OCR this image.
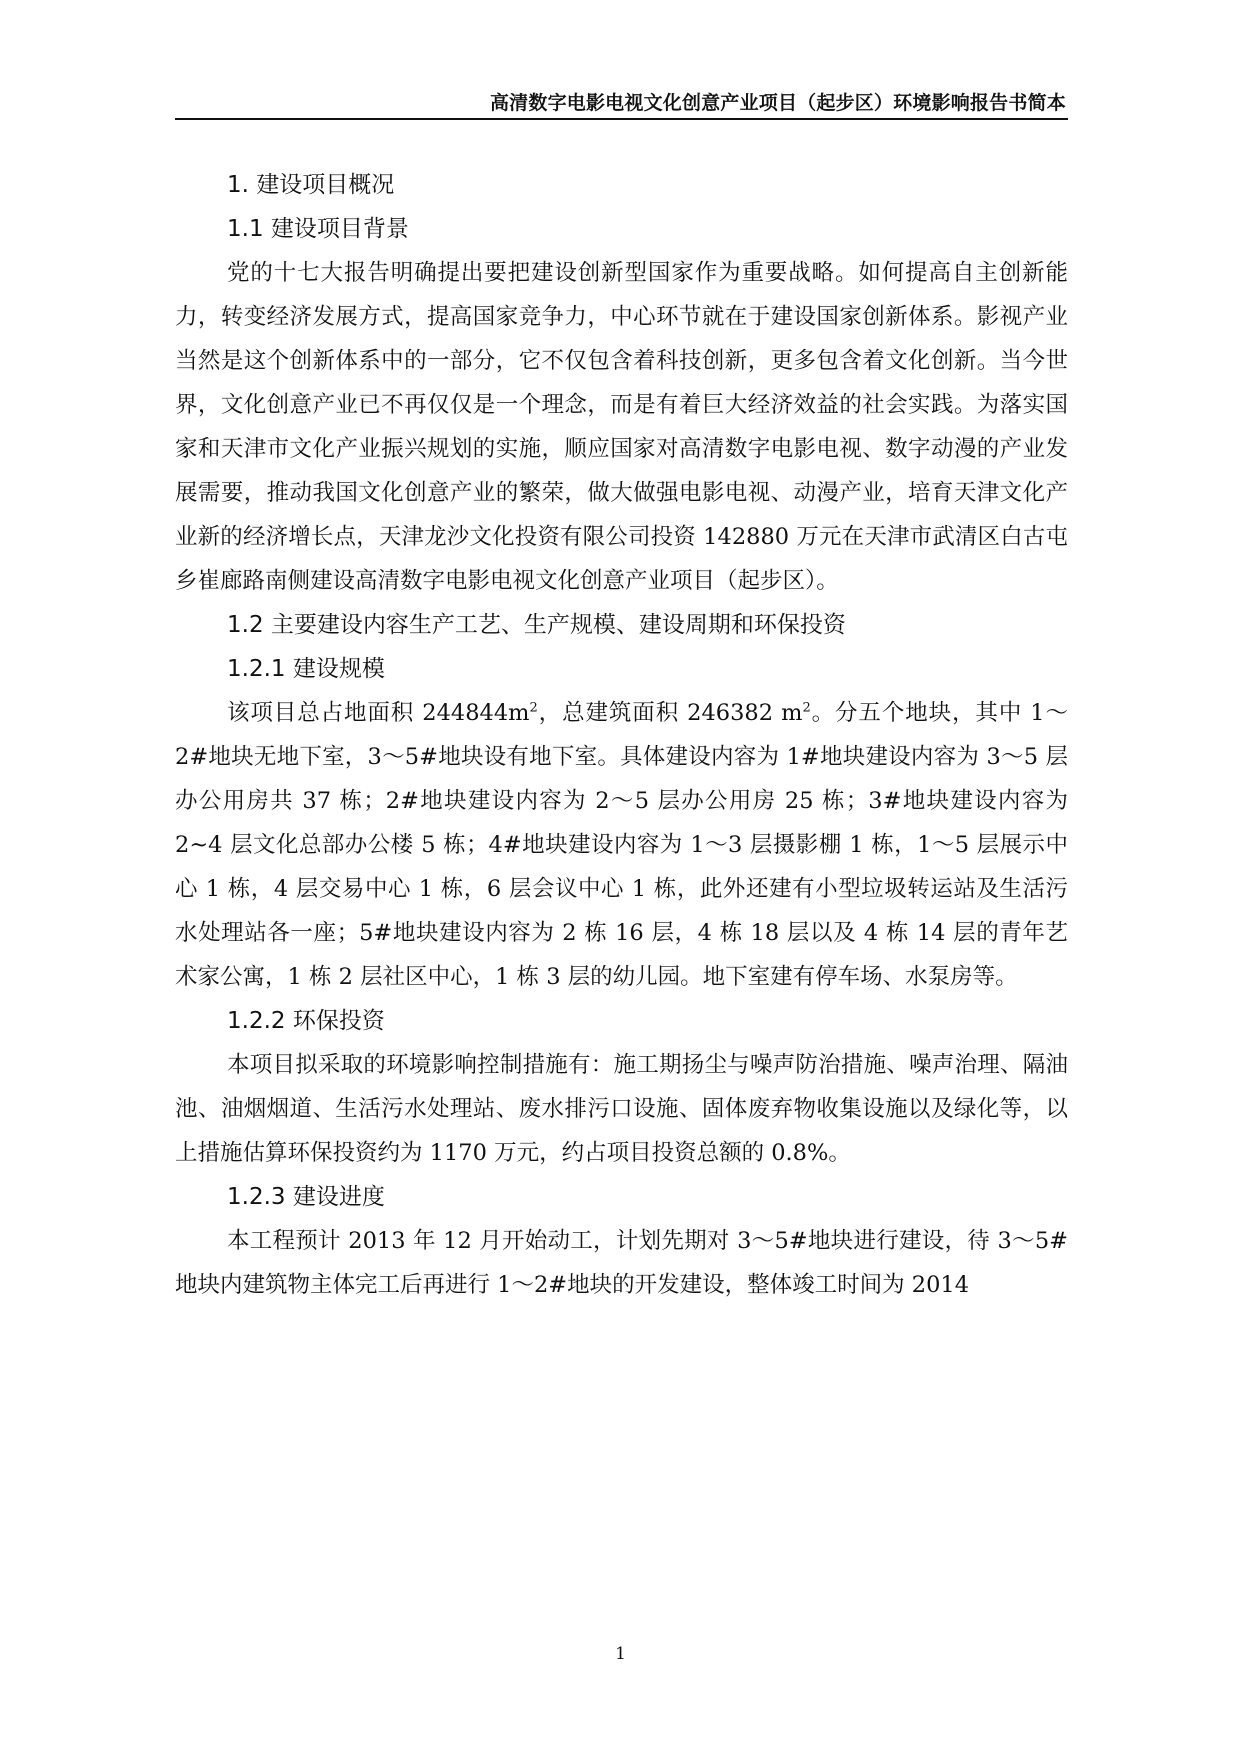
高清数字电影电视文化创意产业项目（起步区）环境影响报告书简本
1. 建设项目概况
1.1 建设项目背景

党的十七大报告明确提出要把建设创新型国家作为重要战略。如何提高自主创新能力，转变经济发展方式，提高国家竞争力，中心环节就在于建设国家创新体系。影视产业当然是这个创新体系中的一部分，它不仅包含着科技创新，更多包含着文化创新。当今世界，文化创意产业已不再仅仅是一个理念，而是有着巨大经济效益的社会实践。为落实国家和天津市文化产业振兴规划的实施，顺应国家对高清数字电影电视、数字动漫的产业发展需要，推动我国文化创意产业的繁荣，做大做强电影电视、动漫产业，培育天津文化产业新的经济增长点，天津龙沙文化投资有限公司投资 142880 万元在天津市武清区白古屯乡崔廊路南侧建设高清数字电影电视文化创意产业项目（起步区）。

1.2 主要建设内容生产工艺、生产规模、建设周期和环保投资
1.2.1 建设规模

该项目总占地面积 $244844m^2$，总建筑面积 246382 $m^2$。分五个地块，其中 1～2#地块无地下室，3～5#地块设有地下室。具体建设内容为 1#地块建设内容为 3～5 层办公用房共 37 栋；2#地块建设内容为 2～5 层办公用房 25 栋；3#地块建设内容为 2~4 层文化总部办公楼 5 栋；4#地块建设内容为 1～3 层摄影棚 1 栋，1～5 层展示中心 1 栋，4 层交易中心 1 栋，6 层会议中心 1 栋，此外还建有小型垃圾转运站及生活污水处理站各一座；5#地块建设内容为 2 栋 16 层，4 栋 18 层以及 4 栋 14 层的青年艺术家公寓，1 栋 2 层社区中心，1 栋 3 层的幼儿园。地下室建有停车场、水泵房等。

1.2.2 环保投资

本项目拟采取的环境影响控制措施有：施工期扬尘与噪声防治措施、噪声治理、隔油池、油烟烟道、生活污水处理站、废水排污口设施、固体废弃物收集设施以及绿化等，以上措施估算环保投资约为 1170 万元，约占项目投资总额的 0.8%。

1.2.3 建设进度

本工程预计 2013 年 12 月开始动工，计划先期对 3～5#地块进行建设，待 3～5#地块内建筑物主体完工后再进行 1～2#地块的开发建设，整体竣工时间为 2014

1
